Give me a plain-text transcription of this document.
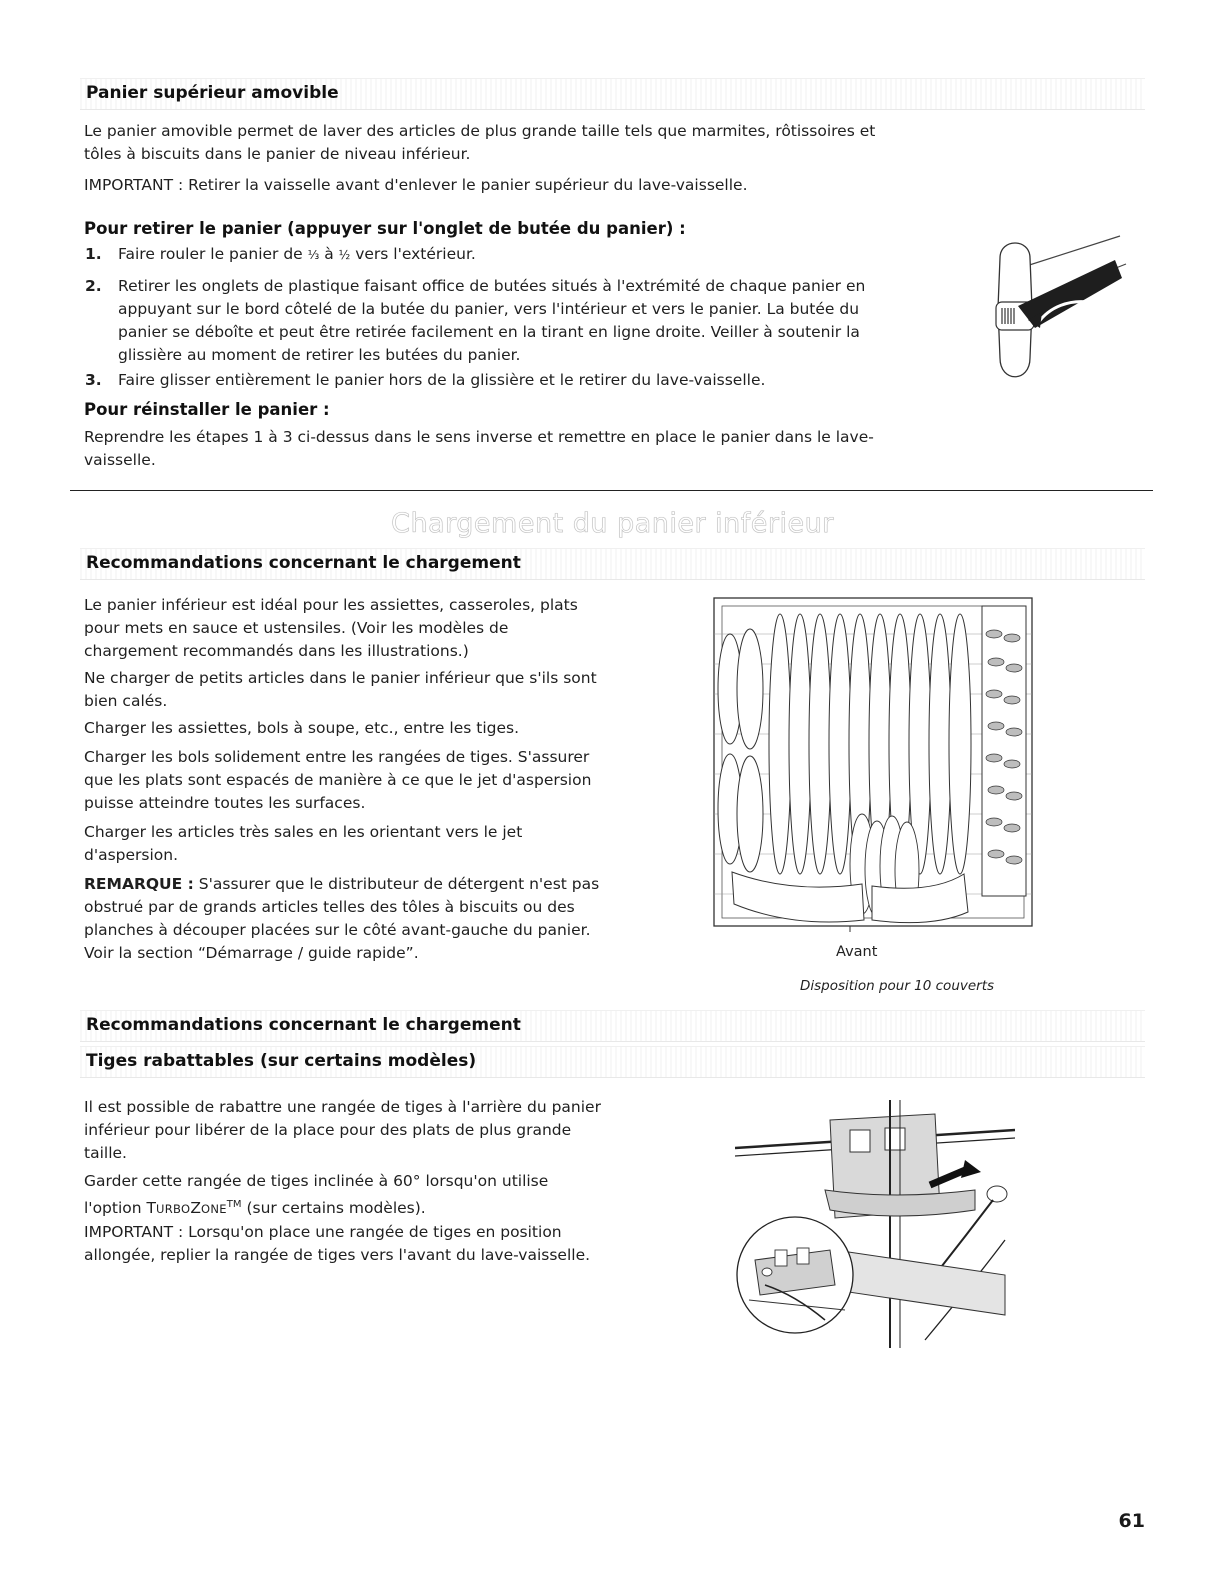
Panier supérieur amovible

Le panier amovible permet de laver des articles de plus grande taille tels que marmites, rôtissoires et tôles à biscuits dans le panier de niveau inférieur.

IMPORTANT : Retirer la vaisselle avant d'enlever le panier supérieur du lave-vaisselle.

Pour retirer le panier (appuyer sur l'onglet de butée du panier) :
1. Faire rouler le panier de ⅓ à ½ vers l'extérieur.
2. Retirer les onglets de plastique faisant office de butées situés à l'extrémité de chaque panier en appuyant sur le bord côtelé de la butée du panier, vers l'intérieur et vers le panier. La butée du panier se déboîte et peut être retirée facilement en la tirant en ligne droite. Veiller à soutenir la glissière au moment de retirer les butées du panier.
3. Faire glisser entièrement le panier hors de la glissière et le retirer du lave-vaisselle.
Pour réinstaller le panier :

Reprendre les étapes 1 à 3 ci-dessus dans le sens inverse et remettre en place le panier dans le lave-vaisselle.

Chargement du panier inférieur
Recommandations concernant le chargement

Le panier inférieur est idéal pour les assiettes, casseroles, plats pour mets en sauce et ustensiles. (Voir les modèles de chargement recommandés dans les illustrations.)

Ne charger de petits articles dans le panier inférieur que s'ils sont bien calés.

Charger les assiettes, bols à soupe, etc., entre les tiges.

Charger les bols solidement entre les rangées de tiges. S'assurer que les plats sont espacés de manière à ce que le jet d'aspersion puisse atteindre toutes les surfaces.

Charger les articles très sales en les orientant vers le jet d'aspersion.

REMARQUE : S'assurer que le distributeur de détergent n'est pas obstrué par de grands articles telles des tôles à biscuits ou des planches à découper placées sur le côté avant-gauche du panier. Voir la section “Démarrage / guide rapide”.	Avant
Disposition pour 10 couverts
Recommandations concernant le chargement
Tiges rabattables (sur certains modèles)

Il est possible de rabattre une rangée de tiges à l'arrière du panier inférieur pour libérer de la place pour des plats de plus grande taille.

Garder cette rangée de tiges inclinée à 60° lorsqu'on utilise l'option TURBOZONE™ (sur certains modèles).

IMPORTANT : Lorsqu'on place une rangée de tiges en position allongée, replier la rangée de tiges vers l'avant du lave-vaisselle.

61
